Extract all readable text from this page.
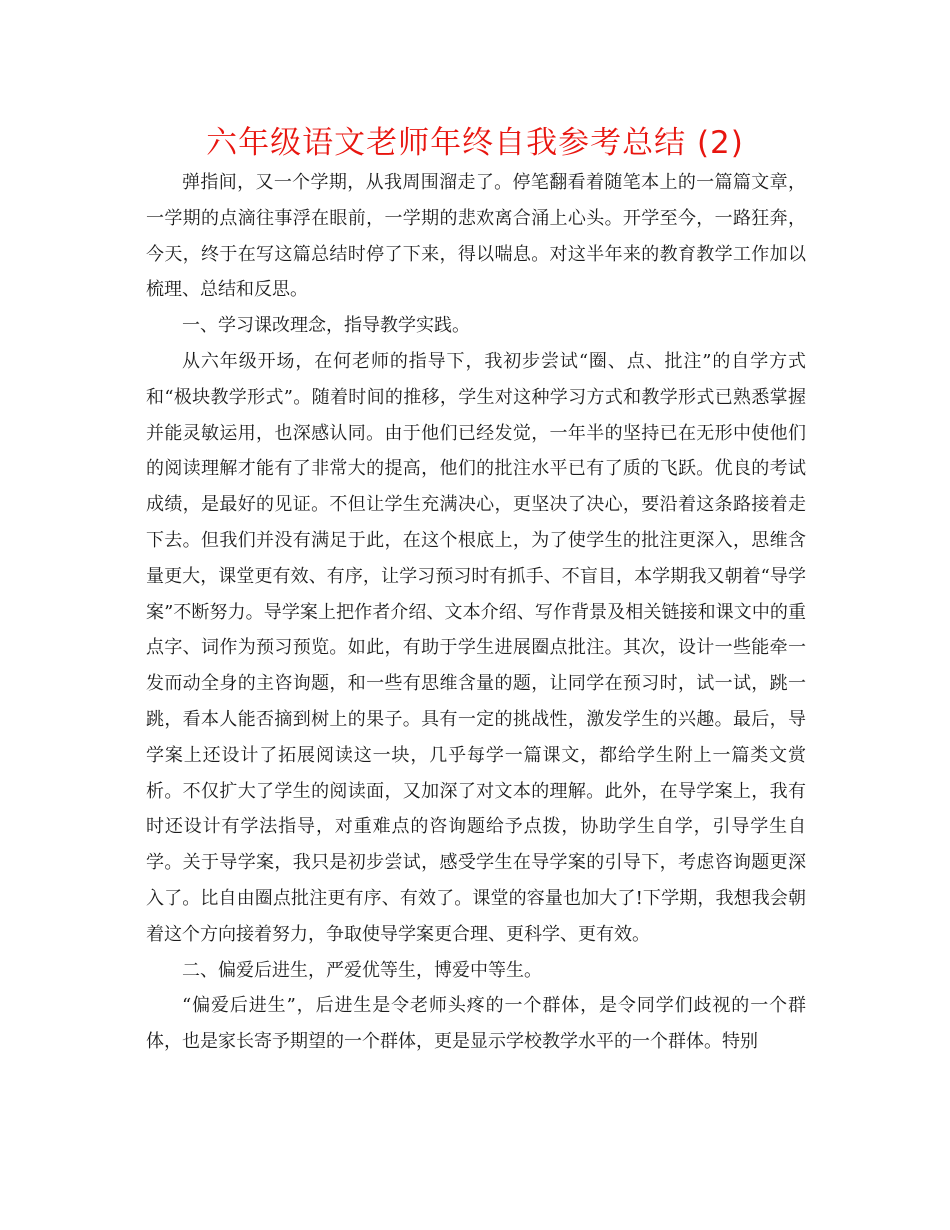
六年级语文老师年终自我参考总结 (2)

弹指间，又一个学期，从我周围溜走了。停笔翻看着随笔本上的一篇篇文章，一学期的点滴往事浮在眼前，一学期的悲欢离合涌上心头。开学至今，一路狂奔，今天，终于在写这篇总结时停了下来，得以喘息。对这半年来的教育教学工作加以梳理、总结和反思。

一、学习课改理念，指导教学实践。

从六年级开场，在何老师的指导下，我初步尝试“圈、点、批注”的自学方式和“极块教学形式”。随着时间的推移，学生对这种学习方式和教学形式已熟悉掌握并能灵敏运用，也深感认同。由于他们已经发觉，一年半的坚持已在无形中使他们的阅读理解才能有了非常大的提高，他们的批注水平已有了质的飞跃。优良的考试成绩，是最好的见证。不但让学生充满决心，更坚决了决心，要沿着这条路接着走下去。但我们并没有满足于此，在这个根底上，为了使学生的批注更深入，思维含量更大，课堂更有效、有序，让学习预习时有抓手、不盲目，本学期我又朝着“导学案”不断努力。导学案上把作者介绍、文本介绍、写作背景及相关链接和课文中的重点字、词作为预习预览。如此，有助于学生进展圈点批注。其次，设计一些能牵一发而动全身的主咨询题，和一些有思维含量的题，让同学在预习时，试一试，跳一跳，看本人能否摘到树上的果子。具有一定的挑战性，激发学生的兴趣。最后，导学案上还设计了拓展阅读这一块，几乎每学一篇课文，都给学生附上一篇类文赏析。不仅扩大了学生的阅读面，又加深了对文本的理解。此外，在导学案上，我有时还设计有学法指导，对重难点的咨询题给予点拨，协助学生自学，引导学生自学。关于导学案，我只是初步尝试，感受学生在导学案的引导下，考虑咨询题更深入了。比自由圈点批注更有序、有效了。课堂的容量也加大了!下学期，我想我会朝着这个方向接着努力，争取使导学案更合理、更科学、更有效。

二、偏爱后进生，严爱优等生，博爱中等生。

“偏爱后进生”，后进生是令老师头疼的一个群体，是令同学们歧视的一个群体，也是家长寄予期望的一个群体，更是显示学校教学水平的一个群体。特别
